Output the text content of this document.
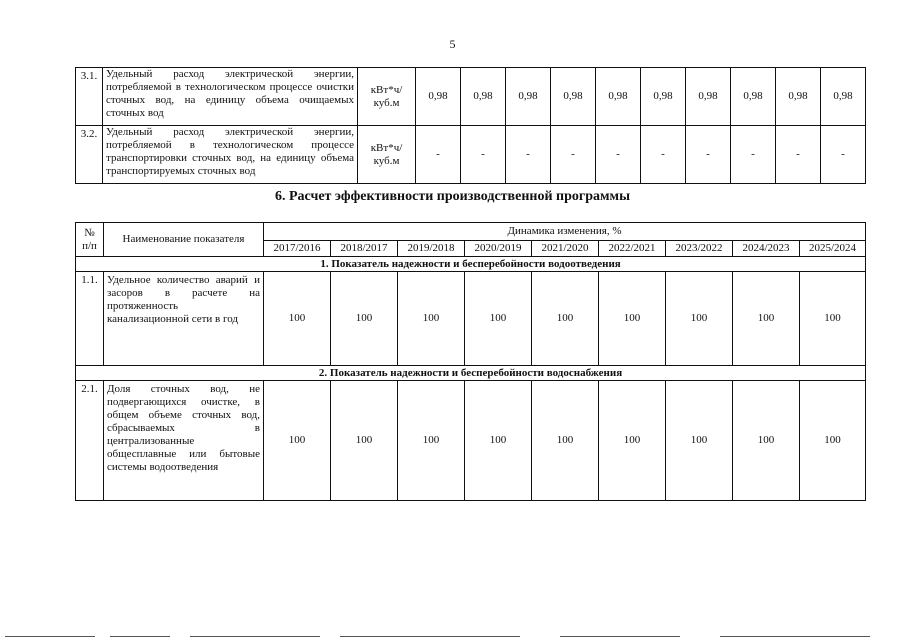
5
3.1.	Удельный расход электрической энергии, потребляемой в технологическом процессе очистки сточных вод, на единицу объема очищаемых сточных вод	кВт*ч/куб.м	0,98	0,98	0,98	0,98	0,98	0,98	0,98	0,98	0,98	0,98
3.2.	Удельный расход электрической энергии, потребляемой в технологическом процессе транспортировки сточных вод, на единицу объема транспортируемых сточных вод	кВт*ч/куб.м	-	-	-	-	-	-	-	-	-	-
6. Расчет эффективности производственной программы
№ п/п	Наименование показателя	Динамика изменения, %								
		2017/2016	2018/2017	2019/2018	2020/2019	2021/2020	2022/2021	2023/2022	2024/2023	2025/2024
1. Показатель надежности и бесперебойности водоотведения										
1.1.	Удельное количество аварий и засоров в расчете на протяженность канализационной сети в год	100	100	100	100	100	100	100	100	100
2. Показатель надежности и бесперебойности водоснабжения										
2.1.	Доля сточных вод, не подвергающихся очистке, в общем объеме сточных вод, сбрасываемых в централизованные общесплавные или бытовые системы водоотведения	100	100	100	100	100	100	100	100	100
